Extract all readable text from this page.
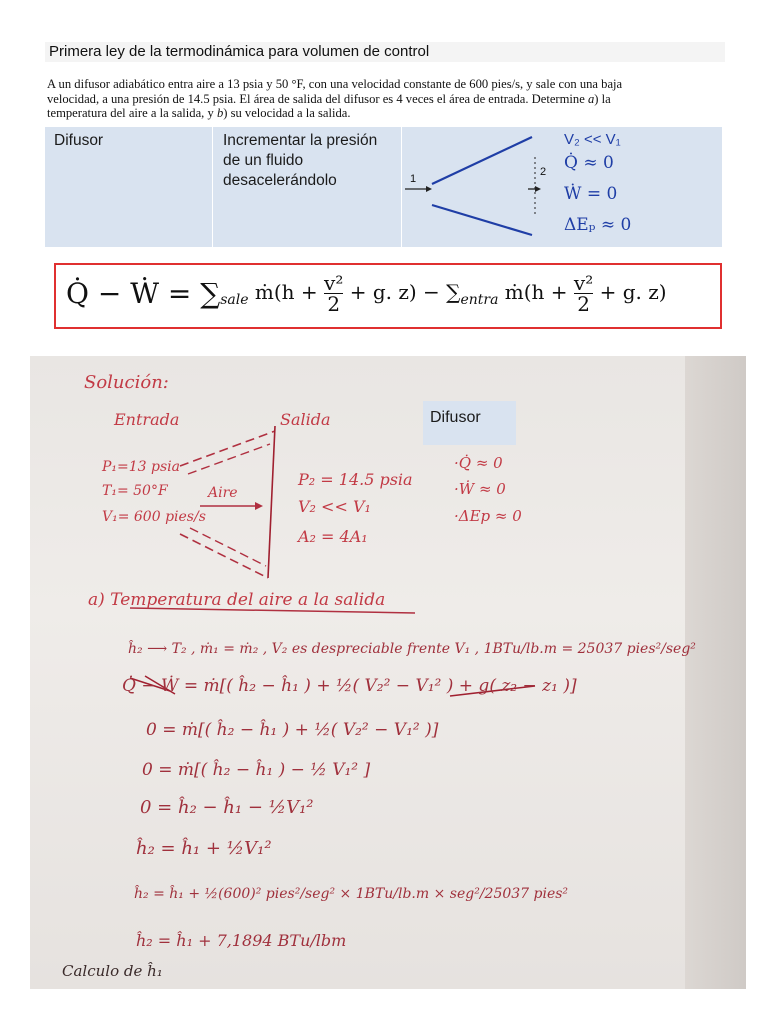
Primera ley de la termodinámica para volumen de control
A un difusor adiabático entra aire a 13 psia y 50 °F, con una velocidad constante de 600 pies/s, y sale con una baja
velocidad, a una presión de 14.5 psia. El área de salida del difusor es 4 veces el área de entrada. Determine a) la
temperatura del aire a la salida, y b) su velocidad a la salida.
Difusor	Incrementar la presión de un fluido desacelerándolo	1
2
V₂ << V₁
Q̇ ≈ 0
Ẇ = 0
ΔEₚ ≈ 0
Q̇ − Ẇ = $\sum_{sale}$ ṁ(h + $\frac{\text{v²}}{2} + g$. $z) - \sum_{entra}$ ṁ(h + $\frac{\text{v²}}{2} + g$. z)
Solución:
Entrada	Salida
P₁=13 psia
T₁= 50°F
V₁= 600 pies/s
Aire
P₂ = 14.5 psia
V₂ << V₁
A₂ = 4A₁
Difusor
·Q̇ ≈ 0
·Ẇ ≈ 0
·ΔEp ≈ 0
a) Temperatura del aire a la salida
ĥ₂ ⟶ T₂ , ṁ₁ = ṁ₂ , V₂ es despreciable frente V₁ , 1BTu/lb.m = 25037 pies²/seg²
Q̇ − Ẇ = ṁ[( ĥ₂ − ĥ₁ ) + ½( V₂² − V₁² ) + g( z₂ − z₁ )]
0 = ṁ[( ĥ₂ − ĥ₁ ) + ½( V₂² − V₁² )]
0 = ṁ[( ĥ₂ − ĥ₁ ) − ½ V₁² ]
0 = ĥ₂ − ĥ₁ − ½V₁²
ĥ₂ = ĥ₁ + ½V₁²
ĥ₂ = ĥ₁ + ½(600)² pies²/seg² × 1BTu/lb.m × seg²/25037 pies²
ĥ₂ = ĥ₁ + 7,1894 BTu/lbm
Calculo de ĥ₁
